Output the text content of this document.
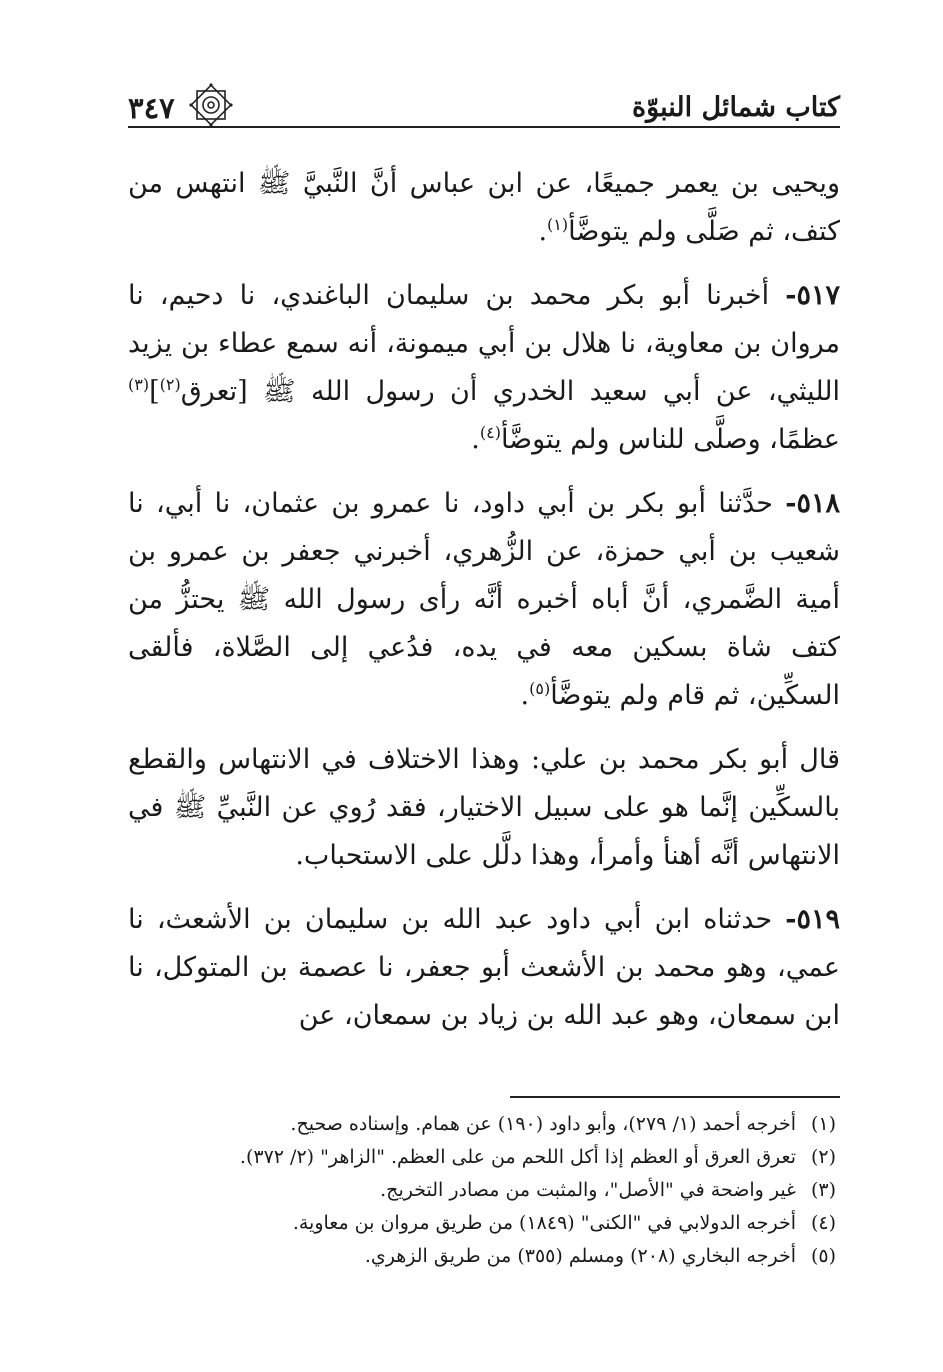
كتاب شمائل النبوّة
٣٤٧

ويحيى بن يعمر جميعًا، عن ابن عباس أنَّ النَّبيَّ ﷺ انتهس من كتف، ثم صَلَّى ولم يتوضَّأ$^{(١)}$.

٥١٧- أخبرنا أبو بكر محمد بن سليمان الباغندي، نا دحيم، نا مروان بن معاوية، نا هلال بن أبي ميمونة، أنه سمع عطاء بن يزيد الليثي، عن أبي سعيد الخدري أن رسول الله ﷺ [تعرق$^{(٢)}$]$^{(٣)}$ عظمًا، وصلَّى للناس ولم يتوضَّأ$^{(٤)}$.

٥١٨- حدَّثنا أبو بكر بن أبي داود، نا عمرو بن عثمان، نا أبي، نا شعيب بن أبي حمزة، عن الزُّهري، أخبرني جعفر بن عمرو بن أمية الضَّمري، أنَّ أباه أخبره أنَّه رأى رسول الله ﷺ يحتزُّ من كتف شاة بسكين معه في يده، فدُعي إلى الصَّلاة، فألقى السكِّين، ثم قام ولم يتوضَّأ$^{(٥)}$.

قال أبو بكر محمد بن علي: وهذا الاختلاف في الانتهاس والقطع بالسكِّين إنَّما هو على سبيل الاختيار، فقد رُوي عن النَّبيِّ ﷺ في الانتهاس أنَّه أهنأ وأمرأ، وهذا دلَّل على الاستحباب.

٥١٩- حدثناه ابن أبي داود عبد الله بن سليمان بن الأشعث، نا عمي، وهو محمد بن الأشعث أبو جعفر، نا عصمة بن المتوكل، نا ابن سمعان، وهو عبد الله بن زياد بن سمعان، عن

(١)أخرجه أحمد (١/ ٢٧٩)، وأبو داود (١٩٠) عن همام. وإسناده صحيح.

(٢)تعرق العرق أو العظم إذا أكل اللحم من على العظم. "الزاهر" (٢/ ٣٧٢).

(٣)غير واضحة في "الأصل"، والمثبت من مصادر التخريج.

(٤)أخرجه الدولابي في "الكنى" (١٨٤٩) من طريق مروان بن معاوية.

(٥)أخرجه البخاري (٢٠٨) ومسلم (٣٥٥) من طريق الزهري.
